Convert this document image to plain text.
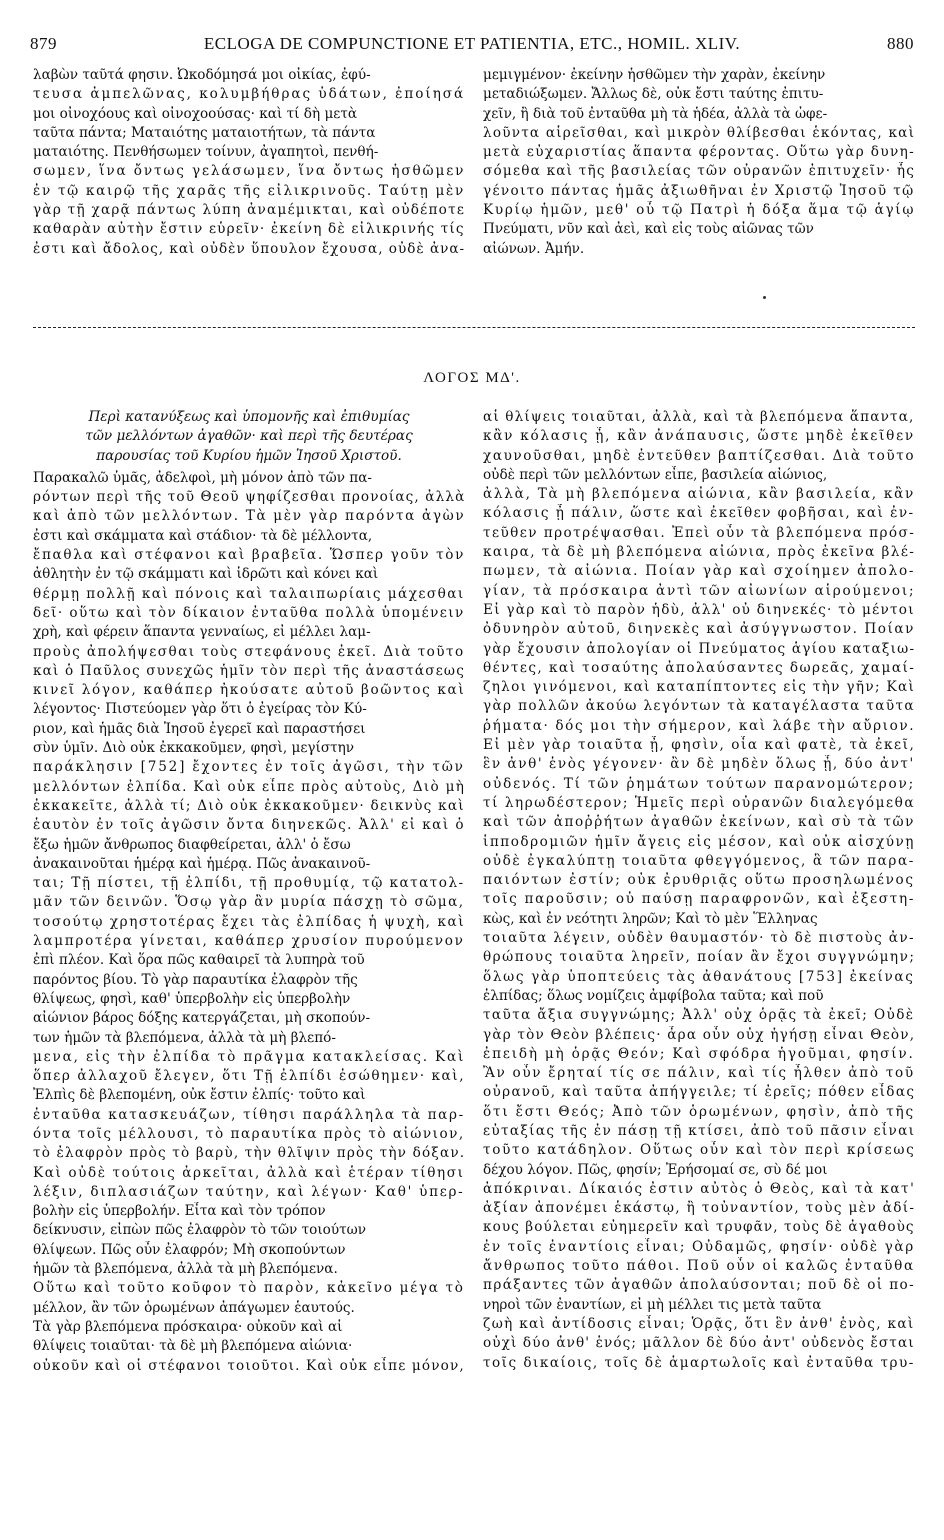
879	ECLOGA DE COMPUNCTIONE ET PATIENTIA, ETC., HOMIL. XLIV.	880
λαβὼν ταῦτά φησιν. Ὠκοδόμησά μοι οἰκίας, ἐφύ-
τευσα ἀμπελῶνας, κολυμβήθρας ὑδάτων, ἐποίησά
μοι οἰνοχόους καὶ οἰνοχοούσας· καὶ τί δὴ μετὰ
ταῦτα πάντα; Ματαιότης ματαιοτήτων, τὰ πάντα
ματαιότης. Πενθήσωμεν τοίνυν, ἀγαπητοὶ, πενθή-
σωμεν, ἵνα ὄντως γελάσωμεν, ἵνα ὄντως ἡσθῶμεν
ἐν τῷ καιρῷ τῆς χαρᾶς τῆς εἰλικρινοῦς. Ταύτῃ μὲν
γὰρ τῇ χαρᾷ πάντως λύπη ἀναμέμικται, καὶ οὐδέποτε
καθαρὰν αὐτὴν ἔστιν εὑρεῖν· ἐκείνη δὲ εἰλικρινής τίς
ἐστι καὶ ἄδολος, καὶ οὐδὲν ὕπουλον ἔχουσα, οὐδὲ ἀνα-
μεμιγμένον· ἐκείνην ἡσθῶμεν τὴν χαρὰν, ἐκείνην
μεταδιώξωμεν. Ἄλλως δὲ, οὐκ ἔστι ταύτης ἐπιτυ-
χεῖν, ἢ διὰ τοῦ ἐνταῦθα μὴ τὰ ἡδέα, ἀλλὰ τὰ ὠφε-
λοῦντα αἱρεῖσθαι, καὶ μικρὸν θλίβεσθαι ἑκόντας, καὶ
μετὰ εὐχαριστίας ἅπαντα φέροντας. Οὕτω γὰρ δυνη-
σόμεθα καὶ τῆς βασιλείας τῶν οὐρανῶν ἐπιτυχεῖν· ἧς
γένοιτο πάντας ἡμᾶς ἀξιωθῆναι ἐν Χριστῷ Ἰησοῦ τῷ
Κυρίῳ ἡμῶν, μεθ' οὗ τῷ Πατρὶ ἡ δόξα ἅμα τῷ ἁγίῳ
Πνεύματι, νῦν καὶ ἀεὶ, καὶ εἰς τοὺς αἰῶνας τῶν
αἰώνων. Ἀμήν.
ΛΟΓΟΣ ΜΔ'.
Περὶ κατανύξεως καὶ ὑπομονῆς καὶ ἐπιθυμίας
τῶν μελλόντων ἀγαθῶν· καὶ περὶ τῆς δευτέρας
παρουσίας τοῦ Κυρίου ἡμῶν Ἰησοῦ Χριστοῦ.
Παρακαλῶ ὑμᾶς, ἀδελφοὶ, μὴ μόνον ἀπὸ τῶν πα-
ρόντων περὶ τῆς τοῦ Θεοῦ ψηφίζεσθαι προνοίας, ἀλλὰ
καὶ ἀπὸ τῶν μελλόντων. Τὰ μὲν γὰρ παρόντα ἀγὼν
ἐστι καὶ σκάμματα καὶ στάδιον· τὰ δὲ μέλλοντα,
ἔπαθλα καὶ στέφανοι καὶ βραβεῖα. Ὥσπερ γοῦν τὸν
ἀθλητὴν ἐν τῷ σκάμματι καὶ ἱδρῶτι καὶ κόνει καὶ
θέρμῃ πολλῇ καὶ πόνοις καὶ ταλαιπωρίαις μάχεσθαι
δεῖ· οὕτω καὶ τὸν δίκαιον ἐνταῦθα πολλὰ ὑπομένειν
χρὴ, καὶ φέρειν ἅπαντα γενναίως, εἰ μέλλει λαμ-
προὺς ἀπολήψεσθαι τοὺς στεφάνους ἐκεῖ. Διὰ τοῦτο
καὶ ὁ Παῦλος συνεχῶς ἡμῖν τὸν περὶ τῆς ἀναστάσεως
κινεῖ λόγον, καθάπερ ἠκούσατε αὐτοῦ βοῶντος καὶ
λέγοντος· Πιστεύομεν γὰρ ὅτι ὁ ἐγείρας τὸν Κύ-
ριον, καὶ ἡμᾶς διὰ Ἰησοῦ ἐγερεῖ καὶ παραστήσει
σὺν ὑμῖν. Διὸ οὐκ ἐκκακοῦμεν, φησὶ, μεγίστην
παράκλησιν [752] ἔχοντες ἐν τοῖς ἀγῶσι, τὴν τῶν
μελλόντων ἐλπίδα. Καὶ οὐκ εἶπε πρὸς αὐτοὺς, Διὸ μὴ
ἐκκακεῖτε, ἀλλὰ τί; Διὸ οὐκ ἐκκακοῦμεν· δεικνὺς καὶ
ἑαυτὸν ἐν τοῖς ἀγῶσιν ὄντα διηνεκῶς. Ἀλλ' εἰ καὶ ὁ
ἔξω ἡμῶν ἄνθρωπος διαφθείρεται, ἀλλ' ὁ ἔσω
ἀνακαινοῦται ἡμέρᾳ καὶ ἡμέρᾳ. Πῶς ἀνακαινοῦ-
ται; Τῇ πίστει, τῇ ἐλπίδι, τῇ προθυμίᾳ, τῷ κατατολ-
μᾶν τῶν δεινῶν. Ὅσῳ γὰρ ἂν μυρία πάσχῃ τὸ σῶμα,
τοσούτῳ χρηστοτέρας ἔχει τὰς ἐλπίδας ἡ ψυχὴ, καὶ
λαμπροτέρα γίνεται, καθάπερ χρυσίον πυρούμενον
ἐπὶ πλέον. Καὶ ὅρα πῶς καθαιρεῖ τὰ λυπηρὰ τοῦ
παρόντος βίου. Τὸ γὰρ παραυτίκα ἐλαφρὸν τῆς
θλίψεως, φησὶ, καθ' ὑπερβολὴν εἰς ὑπερβολὴν
αἰώνιον βάρος δόξης κατεργάζεται, μὴ σκοπούν-
των ἡμῶν τὰ βλεπόμενα, ἀλλὰ τὰ μὴ βλεπό-
μενα, εἰς τὴν ἐλπίδα τὸ πρᾶγμα κατακλείσας. Καὶ
ὅπερ ἀλλαχοῦ ἔλεγεν, ὅτι Τῇ ἐλπίδι ἐσώθημεν· καὶ,
Ἐλπὶς δὲ βλεπομένη, οὐκ ἔστιν ἐλπίς· τοῦτο καὶ
ἐνταῦθα κατασκευάζων, τίθησι παράλληλα τὰ παρ-
όντα τοῖς μέλλουσι, τὸ παραυτίκα πρὸς τὸ αἰώνιον,
τὸ ἐλαφρὸν πρὸς τὸ βαρὺ, τὴν θλῖψιν πρὸς τὴν δόξαν.
Καὶ οὐδὲ τούτοις ἀρκεῖται, ἀλλὰ καὶ ἑτέραν τίθησι
λέξιν, διπλασιάζων ταύτην, καὶ λέγων· Καθ' ὑπερ-
βολὴν εἰς ὑπερβολήν. Εἶτα καὶ τὸν τρόπον
δείκνυσιν, εἰπὼν πῶς ἐλαφρὸν τὸ τῶν τοιούτων
θλίψεων. Πῶς οὖν ἐλαφρόν; Μὴ σκοπούντων
ἡμῶν τὰ βλεπόμενα, ἀλλὰ τὰ μὴ βλεπόμενα.
Οὕτω καὶ τοῦτο κοῦφον τὸ παρὸν, κἀκεῖνο μέγα τὸ
μέλλον, ἂν τῶν ὁρωμένων ἀπάγωμεν ἑαυτούς.
Τὰ γὰρ βλεπόμενα πρόσκαιρα· οὐκοῦν καὶ αἱ
θλίψεις τοιαῦται· τὰ δὲ μὴ βλεπόμενα αἰώνια·
οὐκοῦν καὶ οἱ στέφανοι τοιοῦτοι. Καὶ οὐκ εἶπε μόνον,
αἱ θλίψεις τοιαῦται, ἀλλὰ, καὶ τὰ βλεπόμενα ἅπαντα,
κἂν κόλασις ᾖ, κἂν ἀνάπαυσις, ὥστε μηδὲ ἐκεῖθεν
χαυνοῦσθαι, μηδὲ ἐντεῦθεν βαπτίζεσθαι. Διὰ τοῦτο
οὐδὲ περὶ τῶν μελλόντων εἶπε, βασιλεία αἰώνιος,
ἀλλὰ, Τὰ μὴ βλεπόμενα αἰώνια, κἂν βασιλεία, κἂν
κόλασις ᾖ πάλιν, ὥστε καὶ ἐκεῖθεν φοβῆσαι, καὶ ἐν-
τεῦθεν προτρέψασθαι. Ἐπεὶ οὖν τὰ βλεπόμενα πρόσ-
καιρα, τὰ δὲ μὴ βλεπόμενα αἰώνια, πρὸς ἐκεῖνα βλέ-
πωμεν, τὰ αἰώνια. Ποίαν γὰρ καὶ σχοίημεν ἀπολο-
γίαν, τὰ πρόσκαιρα ἀντὶ τῶν αἰωνίων αἱρούμενοι;
Εἰ γὰρ καὶ τὸ παρὸν ἡδὺ, ἀλλ' οὐ διηνεκές· τὸ μέντοι
ὀδυνηρὸν αὐτοῦ, διηνεκὲς καὶ ἀσύγγνωστον. Ποίαν
γὰρ ἔχουσιν ἀπολογίαν οἱ Πνεύματος ἁγίου καταξιω-
θέντες, καὶ τοσαύτης ἀπολαύσαντες δωρεᾶς, χαμαί-
ζηλοι γινόμενοι, καὶ καταπίπτοντες εἰς τὴν γῆν; Καὶ
γὰρ πολλῶν ἀκούω λεγόντων τὰ καταγέλαστα ταῦτα
ῥήματα· δός μοι τὴν σήμερον, καὶ λάβε τὴν αὔριον.
Εἰ μὲν γὰρ τοιαῦτα ᾖ, φησὶν, οἷα καὶ φατὲ, τὰ ἐκεῖ,
ἓν ἀνθ' ἑνὸς γέγονεν· ἂν δὲ μηδὲν ὅλως ᾖ, δύο ἀντ'
οὐδενός. Τί τῶν ῥημάτων τούτων παρανομώτερον;
τί ληρωδέστερον; Ἡμεῖς περὶ οὐρανῶν διαλεγόμεθα
καὶ τῶν ἀποῤῥήτων ἀγαθῶν ἐκείνων, καὶ σὺ τὰ τῶν
ἱπποδρομιῶν ἡμῖν ἄγεις εἰς μέσον, καὶ οὐκ αἰσχύνῃ
οὐδὲ ἐγκαλύπτῃ τοιαῦτα φθεγγόμενος, ἃ τῶν παρα-
παιόντων ἐστίν; οὐκ ἐρυθριᾷς οὕτω προσηλωμένος
τοῖς παροῦσιν; οὐ παύσῃ παραφρονῶν, καὶ ἐξεστη-
κὼς, καὶ ἐν νεότητι ληρῶν; Καὶ τὸ μὲν Ἕλληνας
τοιαῦτα λέγειν, οὐδὲν θαυμαστόν· τὸ δὲ πιστοὺς ἀν-
θρώπους τοιαῦτα ληρεῖν, ποίαν ἂν ἔχοι συγγνώμην;
ὅλως γὰρ ὑποπτεύεις τὰς ἀθανάτους [753] ἐκείνας
ἐλπίδας; ὅλως νομίζεις ἀμφίβολα ταῦτα; καὶ ποῦ
ταῦτα ἄξια συγγνώμης; Ἀλλ' οὐχ ὁρᾷς τὰ ἐκεῖ; Οὐδὲ
γὰρ τὸν Θεὸν βλέπεις· ἆρα οὖν οὐχ ἡγήσῃ εἶναι Θεὸν,
ἐπειδὴ μὴ ὁρᾷς Θεόν; Καὶ σφόδρα ἡγοῦμαι, φησίν.
Ἂν οὖν ἔρηταί τίς σε πάλιν, καὶ τίς ἦλθεν ἀπὸ τοῦ
οὐρανοῦ, καὶ ταῦτα ἀπήγγειλε; τί ἐρεῖς; πόθεν εἶδας
ὅτι ἔστι Θεός; Ἀπὸ τῶν ὁρωμένων, φησὶν, ἀπὸ τῆς
εὐταξίας τῆς ἐν πάσῃ τῇ κτίσει, ἀπὸ τοῦ πᾶσιν εἶναι
τοῦτο κατάδηλον. Οὕτως οὖν καὶ τὸν περὶ κρίσεως
δέχου λόγον. Πῶς, φησίν; Ἐρήσομαί σε, σὺ δέ μοι
ἀπόκριναι. Δίκαιός ἐστιν αὐτὸς ὁ Θεὸς, καὶ τὰ κατ'
ἀξίαν ἀπονέμει ἑκάστῳ, ἢ τοὐναντίον, τοὺς μὲν ἀδί-
κους βούλεται εὐημερεῖν καὶ τρυφᾶν, τοὺς δὲ ἀγαθοὺς
ἐν τοῖς ἐναντίοις εἶναι; Οὐδαμῶς, φησίν· οὐδὲ γὰρ
ἄνθρωπος τοῦτο πάθοι. Ποῦ οὖν οἱ καλῶς ἐνταῦθα
πράξαντες τῶν ἀγαθῶν ἀπολαύσονται; ποῦ δὲ οἱ πο-
νηροὶ τῶν ἐναντίων, εἰ μὴ μέλλει τις μετὰ ταῦτα
ζωὴ καὶ ἀντίδοσις εἶναι; Ὁρᾷς, ὅτι ἓν ἀνθ' ἑνὸς, καὶ
οὐχὶ δύο ἀνθ' ἑνός; μᾶλλον δὲ δύο ἀντ' οὐδενὸς ἔσται
τοῖς δικαίοις, τοῖς δὲ ἁμαρτωλοῖς καὶ ἐνταῦθα τρυ-
